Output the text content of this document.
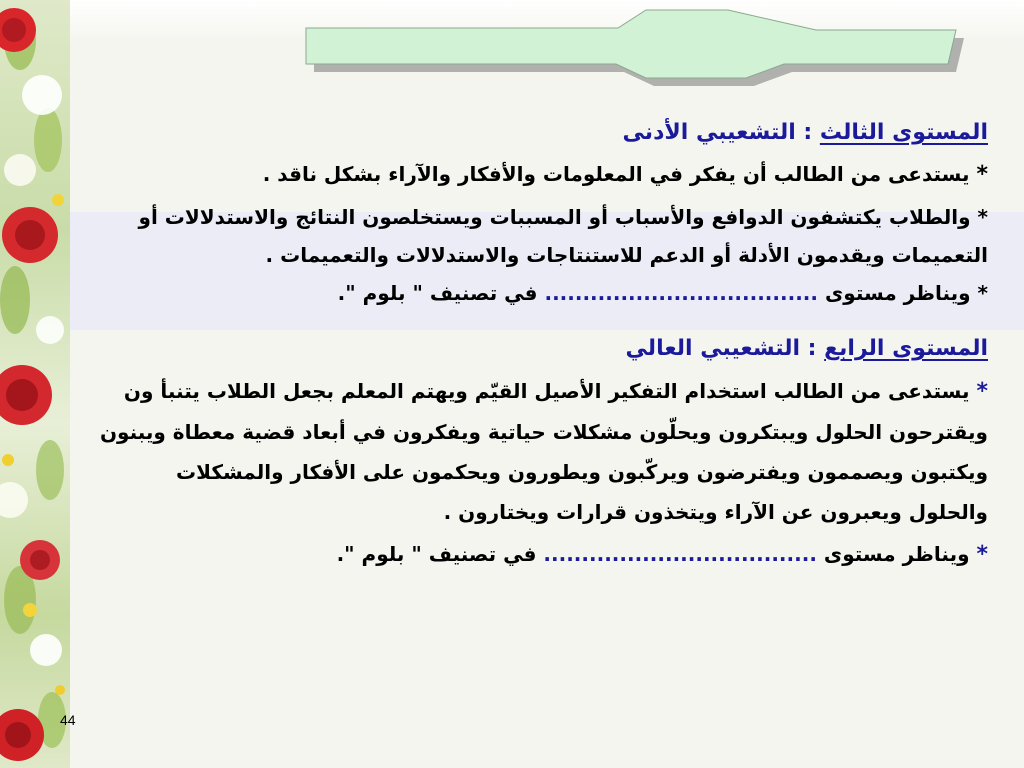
المستوى الثالث : التشعيبي الأدنى
* يستدعى من الطالب أن يفكر في المعلومات والأفكار والآراء بشكل ناقد .
* والطلاب يكتشفون الدوافع والأسباب أو المسببات ويستخلصون النتائج والاستدلالات أو التعميمات ويقدمون الأدلة أو الدعم للاستنتاجات والاستدلالات والتعميمات .
* ويناظر مستوى .................................... في تصنيف " بلوم ".
المستوى الرابع : التشعيبي العالي
* يستدعى من الطالب استخدام التفكير الأصيل القيّم ويهتم المعلم بجعل الطلاب يتنبأ ون ويقترحون الحلول ويبتكرون ويحلّون مشكلات حياتية ويفكرون في أبعاد قضية معطاة ويبنون ويكتبون ويصممون ويفترضون ويركّبون ويطورون ويحكمون على الأفكار والمشكلات والحلول ويعبرون عن الآراء ويتخذون قرارات ويختارون .
* ويناظر مستوى .................................... في تصنيف " بلوم ".
44
